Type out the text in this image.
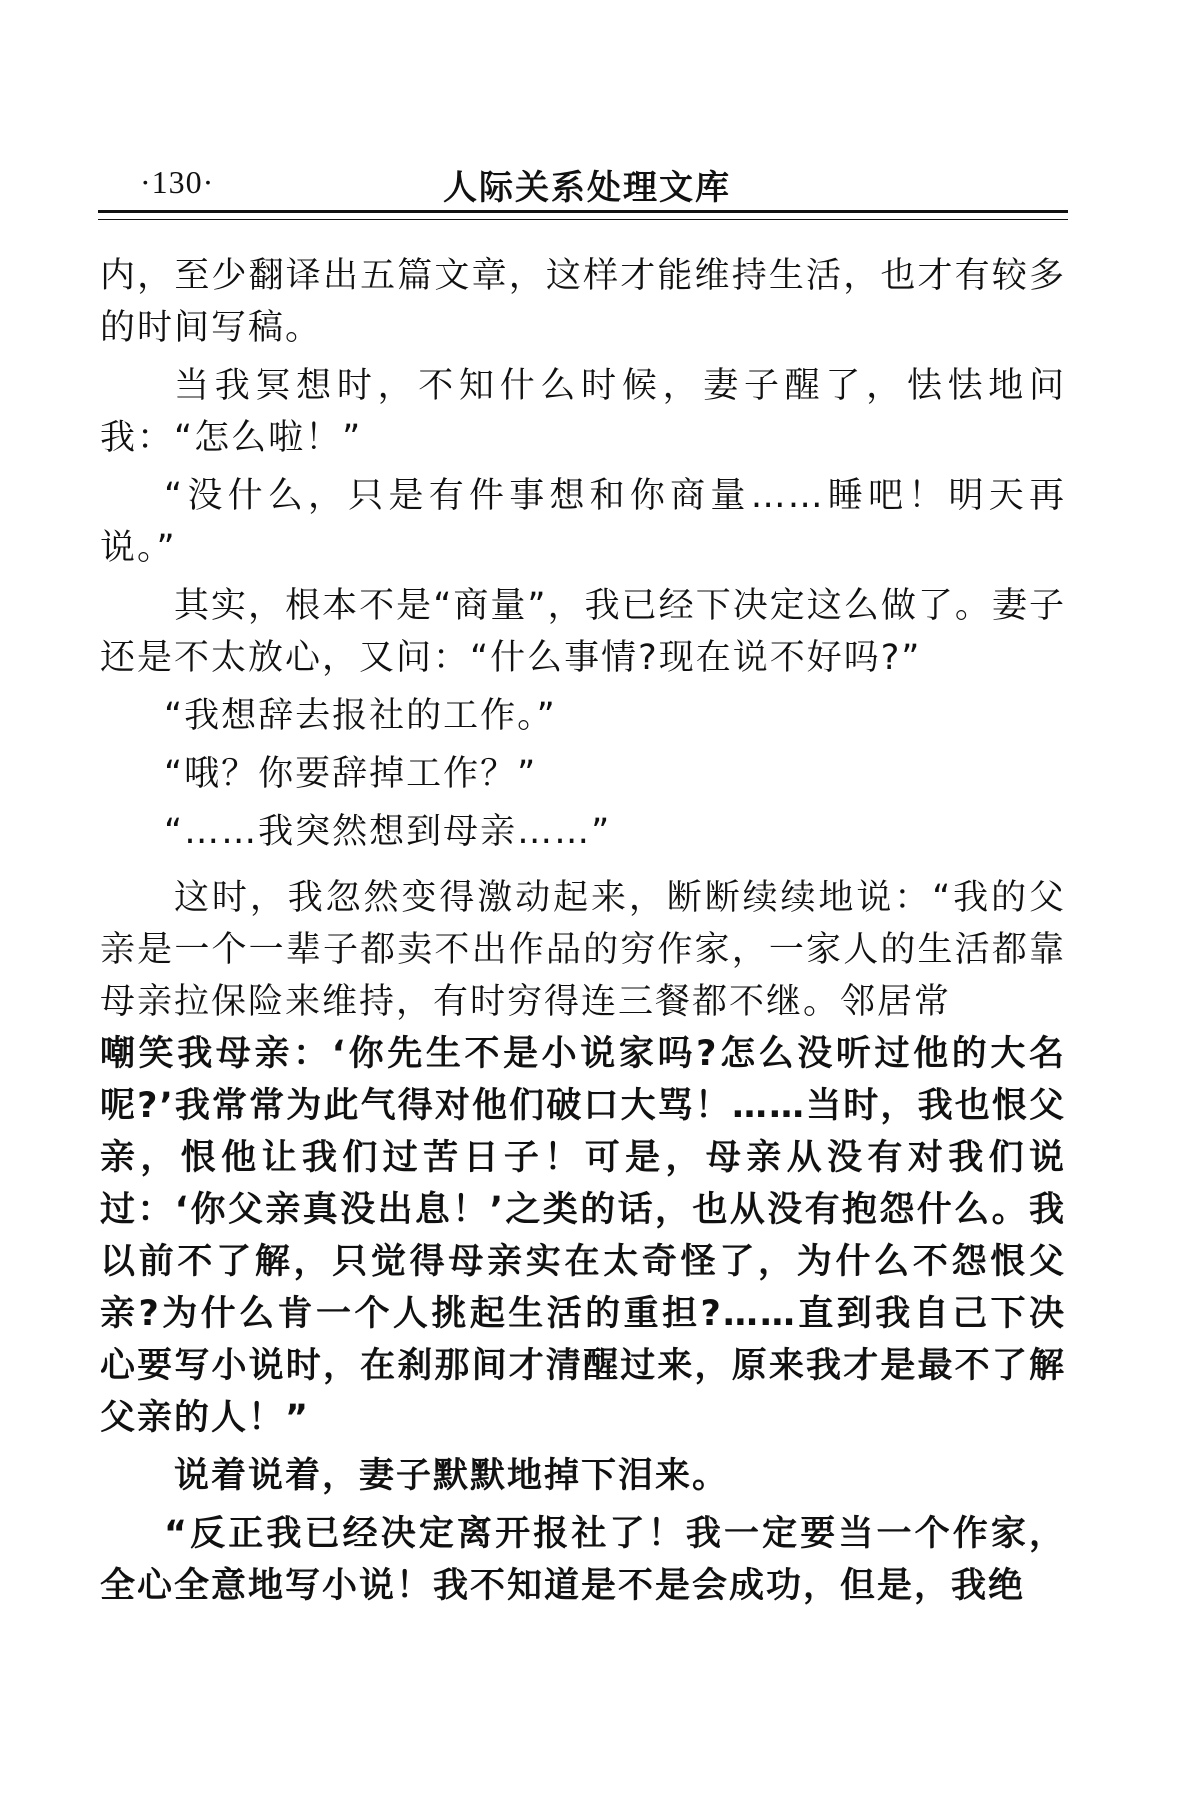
·130·	人际关系处理文库

内，至少翻译出五篇文章，这样才能维持生活，也才有较多的时间写稿。

当我冥想时，不知什么时候，妻子醒了，怯怯地问我：“怎么啦！”

“没什么，只是有件事想和你商量……睡吧！明天再说。”

其实，根本不是“商量”，我已经下决定这么做了。妻子还是不太放心，又问：“什么事情?现在说不好吗?”

“我想辞去报社的工作。”

“哦？你要辞掉工作？”

“……我突然想到母亲……”

这时，我忽然变得激动起来，断断续续地说：“我的父亲是一个一辈子都卖不出作品的穷作家，一家人的生活都靠母亲拉保险来维持，有时穷得连三餐都不继。邻居常

嘲笑我母亲：‘你先生不是小说家吗?怎么没听过他的大名呢?’我常常为此气得对他们破口大骂！……当时，我也恨父亲，恨他让我们过苦日子！可是，母亲从没有对我们说过：‘你父亲真没出息！’之类的话，也从没有抱怨什么。我以前不了解，只觉得母亲实在太奇怪了，为什么不怨恨父亲?为什么肯一个人挑起生活的重担?……直到我自己下决心要写小说时，在刹那间才清醒过来，原来我才是最不了解父亲的人！”

说着说着，妻子默默地掉下泪来。

“反正我已经决定离开报社了！我一定要当一个作家，全心全意地写小说！我不知道是不是会成功，但是，我绝
